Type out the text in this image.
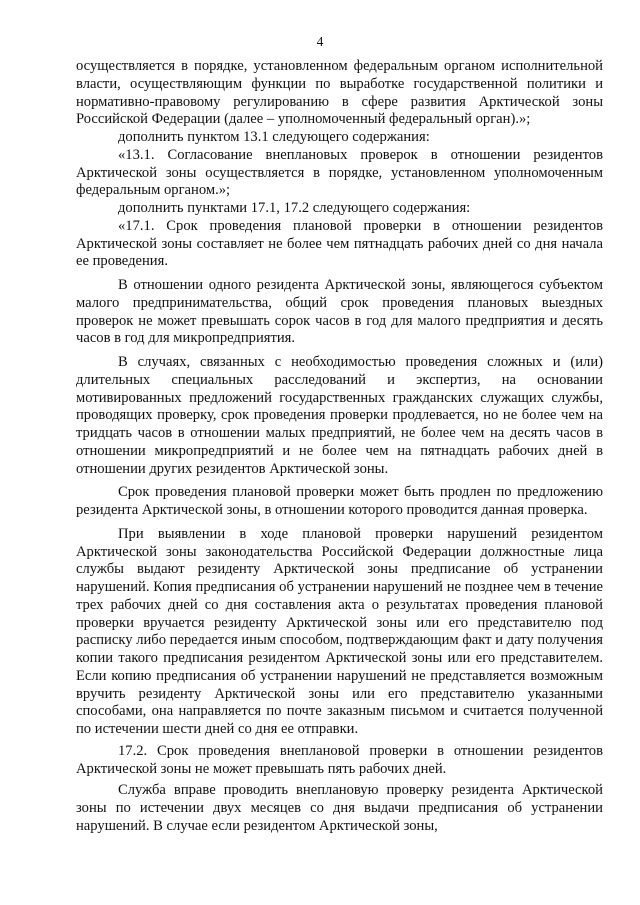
4

осуществляется в порядке, установленном федеральным органом исполнительной власти, осуществляющим функции по выработке государственной политики и нормативно-правовому регулированию в сфере развития Арктической зоны Российской Федерации (далее – уполномоченный федеральный орган).»;

дополнить пунктом 13.1 следующего содержания:

«13.1. Согласование внеплановых проверок в отношении резидентов Арктической зоны осуществляется в порядке, установленном уполномоченным федеральным органом.»;

дополнить пунктами 17.1, 17.2 следующего содержания:

«17.1. Срок проведения плановой проверки в отношении резидентов Арктической зоны составляет не более чем пятнадцать рабочих дней со дня начала ее проведения.

В отношении одного резидента Арктической зоны, являющегося субъектом малого предпринимательства, общий срок проведения плановых выездных проверок не может превышать сорок часов в год для малого предприятия и десять часов в год для микропредприятия.

В случаях, связанных с необходимостью проведения сложных и (или) длительных специальных расследований и экспертиз, на основании мотивированных предложений государственных гражданских служащих службы, проводящих проверку, срок проведения проверки продлевается, но не более чем на тридцать часов в отношении малых предприятий, не более чем на десять часов в отношении микропредприятий и не более чем на пятнадцать рабочих дней в отношении других резидентов Арктической зоны.

Срок проведения плановой проверки может быть продлен по предложению резидента Арктической зоны, в отношении которого проводится данная проверка.

При выявлении в ходе плановой проверки нарушений резидентом Арктической зоны законодательства Российской Федерации должностные лица службы выдают резиденту Арктической зоны предписание об устранении нарушений. Копия предписания об устранении нарушений не позднее чем в течение трех рабочих дней со дня составления акта о результатах проведения плановой проверки вручается резиденту Арктической зоны или его представителю под расписку либо передается иным способом, подтверждающим факт и дату получения копии такого предписания резидентом Арктической зоны или его представителем. Если копию предписания об устранении нарушений не представляется возможным вручить резиденту Арктической зоны или его представителю указанными способами, она направляется по почте заказным письмом и считается полученной по истечении шести дней со дня ее отправки.

17.2. Срок проведения внеплановой проверки в отношении резидентов Арктической зоны не может превышать пять рабочих дней.

Служба вправе проводить внеплановую проверку резидента Арктической зоны по истечении двух месяцев со дня выдачи предписания об устранении нарушений. В случае если резидентом Арктической зоны,
